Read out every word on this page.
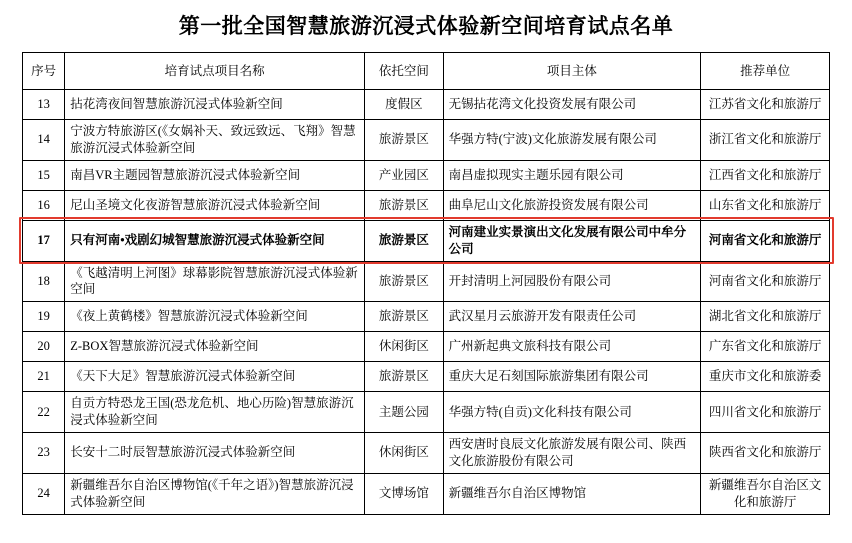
第一批全国智慧旅游沉浸式体验新空间培育试点名单
序号	培育试点项目名称	依托空间	项目主体	推荐单位
13	拈花湾夜间智慧旅游沉浸式体验新空间	度假区	无锡拈花湾文化投资发展有限公司	江苏省文化和旅游厅
14	宁波方特旅游区(《女娲补天、致远致远、飞翔》智慧旅游沉浸式体验新空间	旅游景区	华强方特(宁波)文化旅游发展有限公司	浙江省文化和旅游厅
15	南昌VR主题园智慧旅游沉浸式体验新空间	产业园区	南昌虚拟现实主题乐园有限公司	江西省文化和旅游厅
16	尼山圣境文化夜游智慧旅游沉浸式体验新空间	旅游景区	曲阜尼山文化旅游投资发展有限公司	山东省文化和旅游厅
17	只有河南•戏剧幻城智慧旅游沉浸式体验新空间	旅游景区	河南建业实景演出文化发展有限公司中牟分公司	河南省文化和旅游厅
18	《飞越清明上河图》球幕影院智慧旅游沉浸式体验新空间	旅游景区	开封清明上河园股份有限公司	河南省文化和旅游厅
19	《夜上黄鹤楼》智慧旅游沉浸式体验新空间	旅游景区	武汉星月云旅游开发有限责任公司	湖北省文化和旅游厅
20	Z-BOX智慧旅游沉浸式体验新空间	休闲街区	广州新起典文旅科技有限公司	广东省文化和旅游厅
21	《天下大足》智慧旅游沉浸式体验新空间	旅游景区	重庆大足石刻国际旅游集团有限公司	重庆市文化和旅游委
22	自贡方特恐龙王国(恐龙危机、地心历险)智慧旅游沉浸式体验新空间	主题公园	华强方特(自贡)文化科技有限公司	四川省文化和旅游厅
23	长安十二时辰智慧旅游沉浸式体验新空间	休闲街区	西安唐时良辰文化旅游发展有限公司、陕西文化旅游股份有限公司	陕西省文化和旅游厅
24	新疆维吾尔自治区博物馆(《千年之语》)智慧旅游沉浸式体验新空间	文博场馆	新疆维吾尔自治区博物馆	新疆维吾尔自治区文化和旅游厅
